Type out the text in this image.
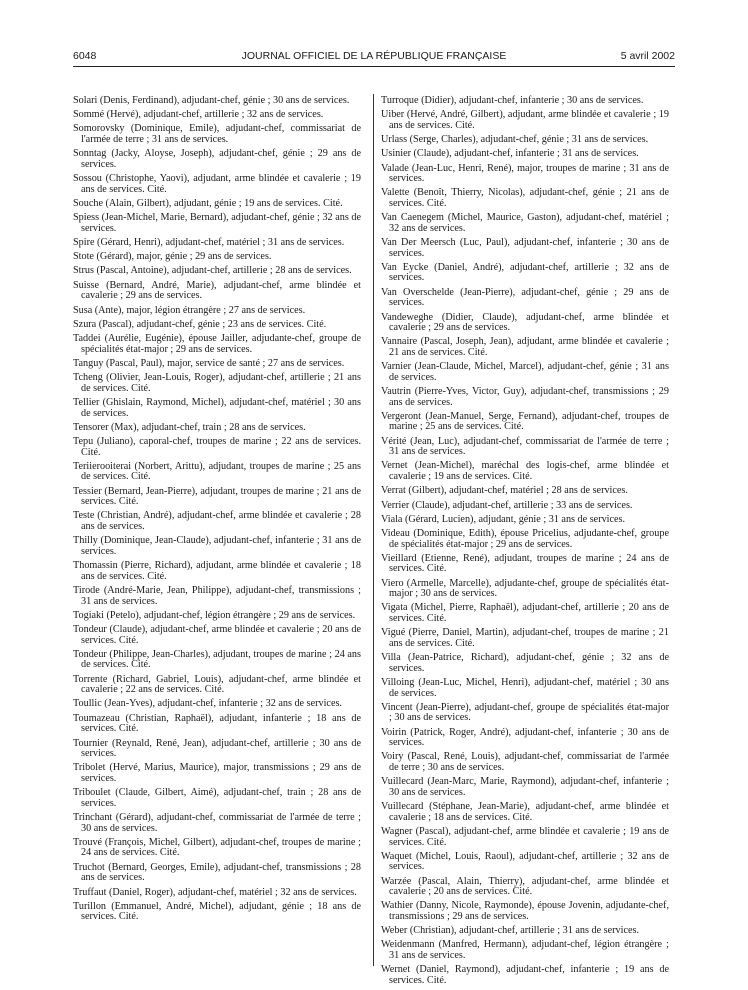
6048	JOURNAL OFFICIEL DE LA RÉPUBLIQUE FRANÇAISE	5 avril 2002

Solari (Denis, Ferdinand), adjudant-chef, génie ; 30 ans de services.

Sommé (Hervé), adjudant-chef, artillerie ; 32 ans de services.

Somorovsky (Dominique, Emile), adjudant-chef, commissariat de l'armée de terre ; 31 ans de services.

Sonntag (Jacky, Aloyse, Joseph), adjudant-chef, génie ; 29 ans de services.

Sossou (Christophe, Yaovi), adjudant, arme blindée et cavalerie ; 19 ans de services. Cité.

Souche (Alain, Gilbert), adjudant, génie ; 19 ans de services. Cité.

Spiess (Jean-Michel, Marie, Bernard), adjudant-chef, génie ; 32 ans de services.

Spire (Gérard, Henri), adjudant-chef, matériel ; 31 ans de services.

Stote (Gérard), major, génie ; 29 ans de services.

Strus (Pascal, Antoine), adjudant-chef, artillerie ; 28 ans de services.

Suisse (Bernard, André, Marie), adjudant-chef, arme blindée et cavalerie ; 29 ans de services.

Susa (Ante), major, légion étrangère ; 27 ans de services.

Szura (Pascal), adjudant-chef, génie ; 23 ans de services. Cité.

Taddei (Aurélie, Eugénie), épouse Jailler, adjudante-chef, groupe de spécialités état-major ; 29 ans de services.

Tanguy (Pascal, Paul), major, service de santé ; 27 ans de services.

Tcheng (Olivier, Jean-Louis, Roger), adjudant-chef, artillerie ; 21 ans de services. Cité.

Tellier (Ghislain, Raymond, Michel), adjudant-chef, matériel ; 30 ans de services.

Tensorer (Max), adjudant-chef, train ; 28 ans de services.

Tepu (Juliano), caporal-chef, troupes de marine ; 22 ans de services. Cité.

Teriierooiterai (Norbert, Arittu), adjudant, troupes de marine ; 25 ans de services. Cité.

Tessier (Bernard, Jean-Pierre), adjudant, troupes de marine ; 21 ans de services. Cité.

Teste (Christian, André), adjudant-chef, arme blindée et cavalerie ; 28 ans de services.

Thilly (Dominique, Jean-Claude), adjudant-chef, infanterie ; 31 ans de services.

Thomassin (Pierre, Richard), adjudant, arme blindée et cavalerie ; 18 ans de services. Cité.

Tirode (André-Marie, Jean, Philippe), adjudant-chef, transmissions ; 31 ans de services.

Togiaki (Petelo), adjudant-chef, légion étrangère ; 29 ans de services.

Tondeur (Claude), adjudant-chef, arme blindée et cavalerie ; 20 ans de services. Cité.

Tondeur (Philippe, Jean-Charles), adjudant, troupes de marine ; 24 ans de services. Cité.

Torrente (Richard, Gabriel, Louis), adjudant-chef, arme blindée et cavalerie ; 22 ans de services. Cité.

Toullic (Jean-Yves), adjudant-chef, infanterie ; 32 ans de services.

Toumazeau (Christian, Raphaël), adjudant, infanterie ; 18 ans de services. Cité.

Tournier (Reynald, René, Jean), adjudant-chef, artillerie ; 30 ans de services.

Tribolet (Hervé, Marius, Maurice), major, transmissions ; 29 ans de services.

Triboulet (Claude, Gilbert, Aimé), adjudant-chef, train ; 28 ans de services.

Trinchant (Gérard), adjudant-chef, commissariat de l'armée de terre ; 30 ans de services.

Trouvé (François, Michel, Gilbert), adjudant-chef, troupes de marine ; 24 ans de services. Cité.

Truchot (Bernard, Georges, Emile), adjudant-chef, transmissions ; 28 ans de services.

Truffaut (Daniel, Roger), adjudant-chef, matériel ; 32 ans de services.

Turillon (Emmanuel, André, Michel), adjudant, génie ; 18 ans de services. Cité.

Turroque (Didier), adjudant-chef, infanterie ; 30 ans de services.

Uiber (Hervé, André, Gilbert), adjudant, arme blindée et cavalerie ; 19 ans de services. Cité.

Urlass (Serge, Charles), adjudant-chef, génie ; 31 ans de services.

Usinier (Claude), adjudant-chef, infanterie ; 31 ans de services.

Valade (Jean-Luc, Henri, René), major, troupes de marine ; 31 ans de services.

Valette (Benoît, Thierry, Nicolas), adjudant-chef, génie ; 21 ans de services. Cité.

Van Caenegem (Michel, Maurice, Gaston), adjudant-chef, matériel ; 32 ans de services.

Van Der Meersch (Luc, Paul), adjudant-chef, infanterie ; 30 ans de services.

Van Eycke (Daniel, André), adjudant-chef, artillerie ; 32 ans de services.

Van Overschelde (Jean-Pierre), adjudant-chef, génie ; 29 ans de services.

Vandeweghe (Didier, Claude), adjudant-chef, arme blindée et cavalerie ; 29 ans de services.

Vannaire (Pascal, Joseph, Jean), adjudant, arme blindée et cavalerie ; 21 ans de services. Cité.

Varnier (Jean-Claude, Michel, Marcel), adjudant-chef, génie ; 31 ans de services.

Vautrin (Pierre-Yves, Victor, Guy), adjudant-chef, transmissions ; 29 ans de services.

Vergeront (Jean-Manuel, Serge, Fernand), adjudant-chef, troupes de marine ; 25 ans de services. Cité.

Vérité (Jean, Luc), adjudant-chef, commissariat de l'armée de terre ; 31 ans de services.

Vernet (Jean-Michel), maréchal des logis-chef, arme blindée et cavalerie ; 19 ans de services. Cité.

Verrat (Gilbert), adjudant-chef, matériel ; 28 ans de services.

Verrier (Claude), adjudant-chef, artillerie ; 33 ans de services.

Viala (Gérard, Lucien), adjudant, génie ; 31 ans de services.

Videau (Dominique, Edith), épouse Pricelius, adjudante-chef, groupe de spécialités état-major ; 29 ans de services.

Vieillard (Etienne, René), adjudant, troupes de marine ; 24 ans de services. Cité.

Viero (Armelle, Marcelle), adjudante-chef, groupe de spécialités état-major ; 30 ans de services.

Vigata (Michel, Pierre, Raphaël), adjudant-chef, artillerie ; 20 ans de services. Cité.

Vigué (Pierre, Daniel, Martin), adjudant-chef, troupes de marine ; 21 ans de services. Cité.

Villa (Jean-Patrice, Richard), adjudant-chef, génie ; 32 ans de services.

Villoing (Jean-Luc, Michel, Henri), adjudant-chef, matériel ; 30 ans de services.

Vincent (Jean-Pierre), adjudant-chef, groupe de spécialités état-major ; 30 ans de services.

Voirin (Patrick, Roger, André), adjudant-chef, infanterie ; 30 ans de services.

Voiry (Pascal, René, Louis), adjudant-chef, commissariat de l'armée de terre ; 30 ans de services.

Vuillecard (Jean-Marc, Marie, Raymond), adjudant-chef, infanterie ; 30 ans de services.

Vuillecard (Stéphane, Jean-Marie), adjudant-chef, arme blindée et cavalerie ; 18 ans de services. Cité.

Wagner (Pascal), adjudant-chef, arme blindée et cavalerie ; 19 ans de services. Cité.

Waquet (Michel, Louis, Raoul), adjudant-chef, artillerie ; 32 ans de services.

Warzée (Pascal, Alain, Thierry), adjudant-chef, arme blindée et cavalerie ; 20 ans de services. Cité.

Wathier (Danny, Nicole, Raymonde), épouse Jovenin, adjudante-chef, transmissions ; 29 ans de services.

Weber (Christian), adjudant-chef, artillerie ; 31 ans de services.

Weidenmann (Manfred, Hermann), adjudant-chef, légion étrangère ; 31 ans de services.

Wernet (Daniel, Raymond), adjudant-chef, infanterie ; 19 ans de services. Cité.
